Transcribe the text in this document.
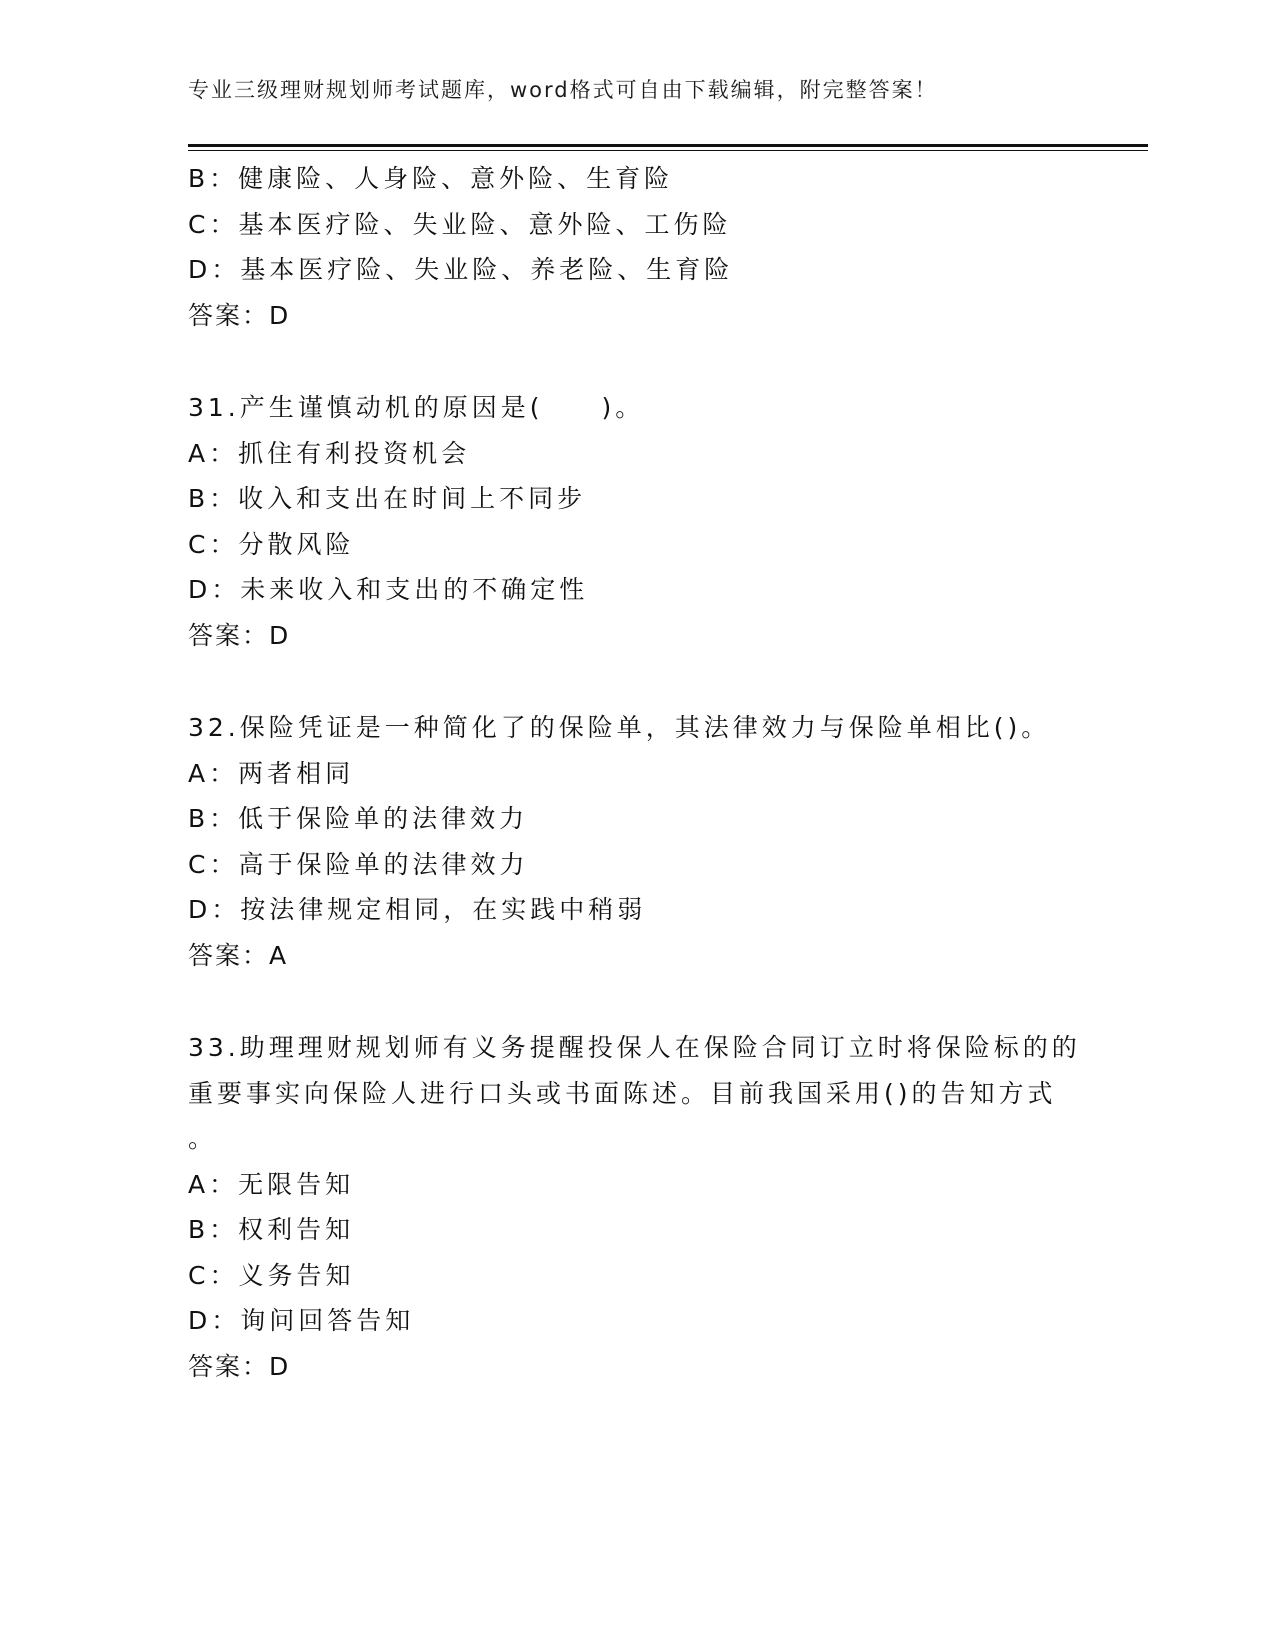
专业三级理财规划师考试题库，word格式可自由下载编辑，附完整答案！
B：健康险、人身险、意外险、生育险
C：基本医疗险、失业险、意外险、工伤险
D：基本医疗险、失业险、养老险、生育险
答案：D
31.产生谨慎动机的原因是(　　)。
A：抓住有利投资机会
B：收入和支出在时间上不同步
C：分散风险
D：未来收入和支出的不确定性
答案：D
32.保险凭证是一种简化了的保险单，其法律效力与保险单相比()。
A：两者相同
B：低于保险单的法律效力
C：高于保险单的法律效力
D：按法律规定相同，在实践中稍弱
答案：A
33.助理理财规划师有义务提醒投保人在保险合同订立时将保险标的的
重要事实向保险人进行口头或书面陈述。目前我国采用()的告知方式
。
A：无限告知
B：权利告知
C：义务告知
D：询问回答告知
答案：D
